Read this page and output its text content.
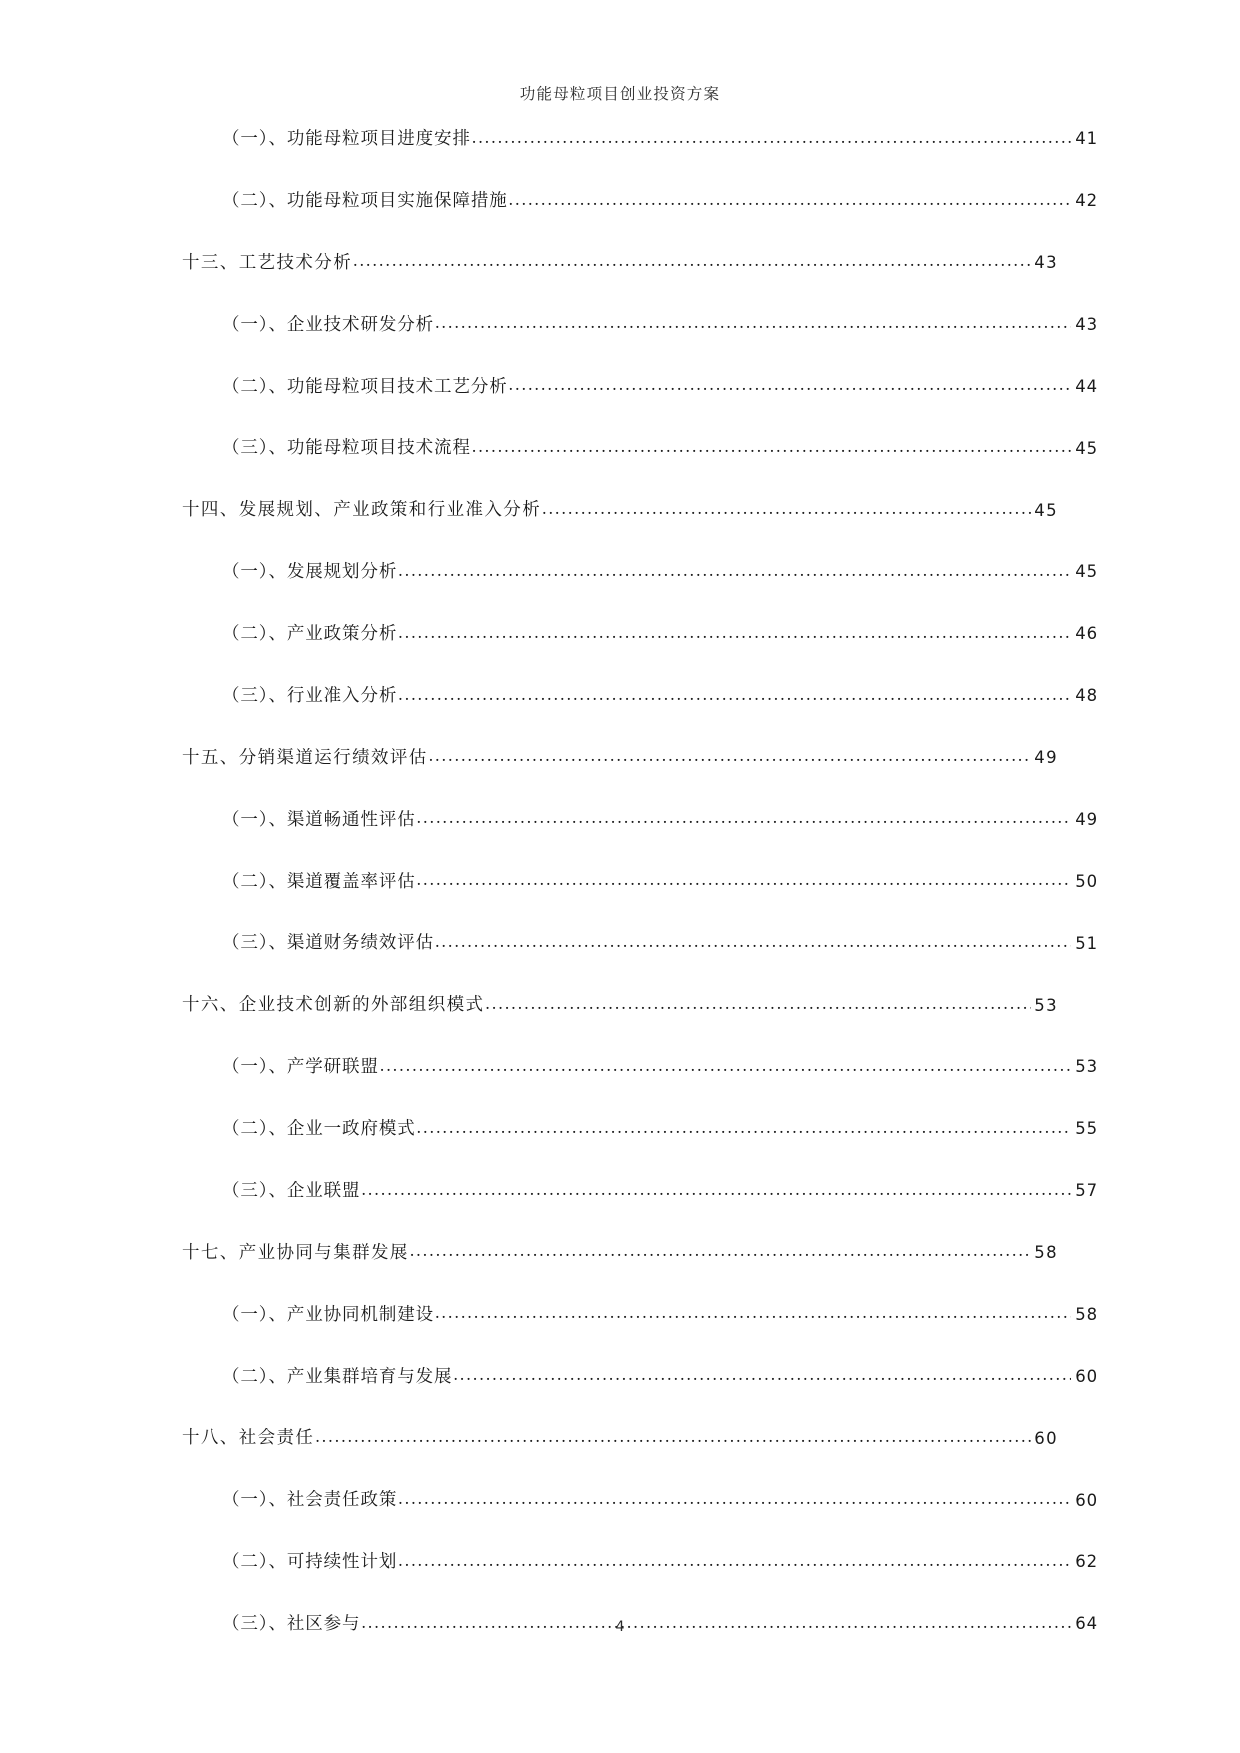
功能母粒项目创业投资方案
（一）、功能母粒项目进度安排 .....	41
（二）、功能母粒项目实施保障措施 .....	42
十三、工艺技术分析 .....	43
（一）、企业技术研发分析 .....	43
（二）、功能母粒项目技术工艺分析 .....	44
（三）、功能母粒项目技术流程 .....	45
十四、发展规划、产业政策和行业准入分析 .....	45
（一）、发展规划分析 .....	45
（二）、产业政策分析 .....	46
（三）、行业准入分析 .....	48
十五、分销渠道运行绩效评估 .....	49
（一）、渠道畅通性评估 .....	49
（二）、渠道覆盖率评估 .....	50
（三）、渠道财务绩效评估 .....	51
十六、企业技术创新的外部组织模式 .....	53
（一）、产学研联盟 .....	53
（二）、企业一政府模式 .....	55
（三）、企业联盟 .....	57
十七、产业协同与集群发展 .....	58
（一）、产业协同机制建设 .....	58
（二）、产业集群培育与发展 .....	60
十八、社会责任 .....	60
（一）、社会责任政策 .....	60
（二）、可持续性计划 .....	62
（三）、社区参与 .....	64
4
